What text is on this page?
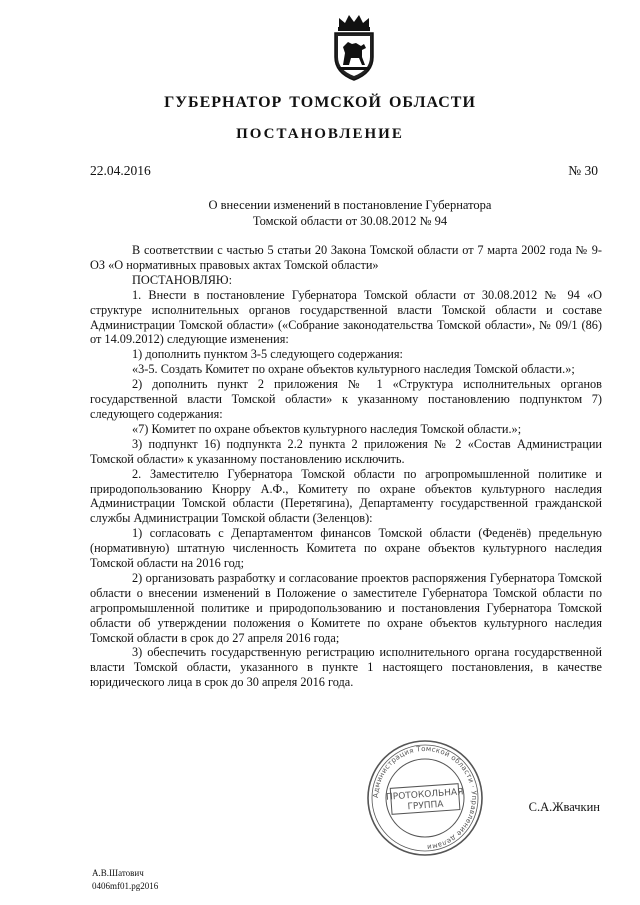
ГУБЕРНАТОР ТОМСКОЙ ОБЛАСТИ
ПОСТАНОВЛЕНИЕ
22.04.2016	№ 30
О внесении изменений в постановление Губернатора
Томской области от 30.08.2012 № 94

В соответствии с частью 5 статьи 20 Закона Томской области от 7 марта 2002 года № 9-ОЗ «О нормативных правовых актах Томской области»

ПОСТАНОВЛЯЮ:

1. Внести в постановление Губернатора Томской области от 30.08.2012 № 94 «О структуре исполнительных органов государственной власти Томской области и составе Администрации Томской области» («Собрание законодательства Томской области», № 09/1 (86) от 14.09.2012) следующие изменения:

1) дополнить пунктом 3-5 следующего содержания:

«3-5. Создать Комитет по охране объектов культурного наследия Томской области.»;

2) дополнить пункт 2 приложения № 1 «Структура исполнительных органов государственной власти Томской области» к указанному постановлению подпунктом 7) следующего содержания:

«7) Комитет по охране объектов культурного наследия Томской области.»;

3) подпункт 16) подпункта 2.2 пункта 2 приложения № 2 «Состав Администрации Томской области» к указанному постановлению исключить.

2. Заместителю Губернатора Томской области по агропромышленной политике и природопользованию Кнорру А.Ф., Комитету по охране объектов культурного наследия Администрации Томской области (Перетягина), Департаменту государственной гражданской службы Администрации Томской области (Зеленцов):

1) согласовать с Департаментом финансов Томской области (Феденёв) предельную (нормативную) штатную численность Комитета по охране объектов культурного наследия Томской области на 2016 год;

2) организовать разработку и согласование проектов распоряжения Губернатора Томской области о внесении изменений в Положение о заместителе Губернатора Томской области по агропромышленной политике и природопользованию и постановления Губернатора Томской области об утверждении положения о Комитете по охране объектов культурного наследия Томской области в срок до 27 апреля 2016 года;

3) обеспечить государственную регистрацию исполнительного органа государственной власти Томской области, указанного в пункте 1 настоящего постановления, в качестве юридического лица в срок до 30 апреля 2016 года.

Администрация Томской области · Управление делами
ПРОТОКОЛЬНАЯ
ГРУППА	С.А.Жвачкин
А.В.Шатович
0406mf01.pg2016
